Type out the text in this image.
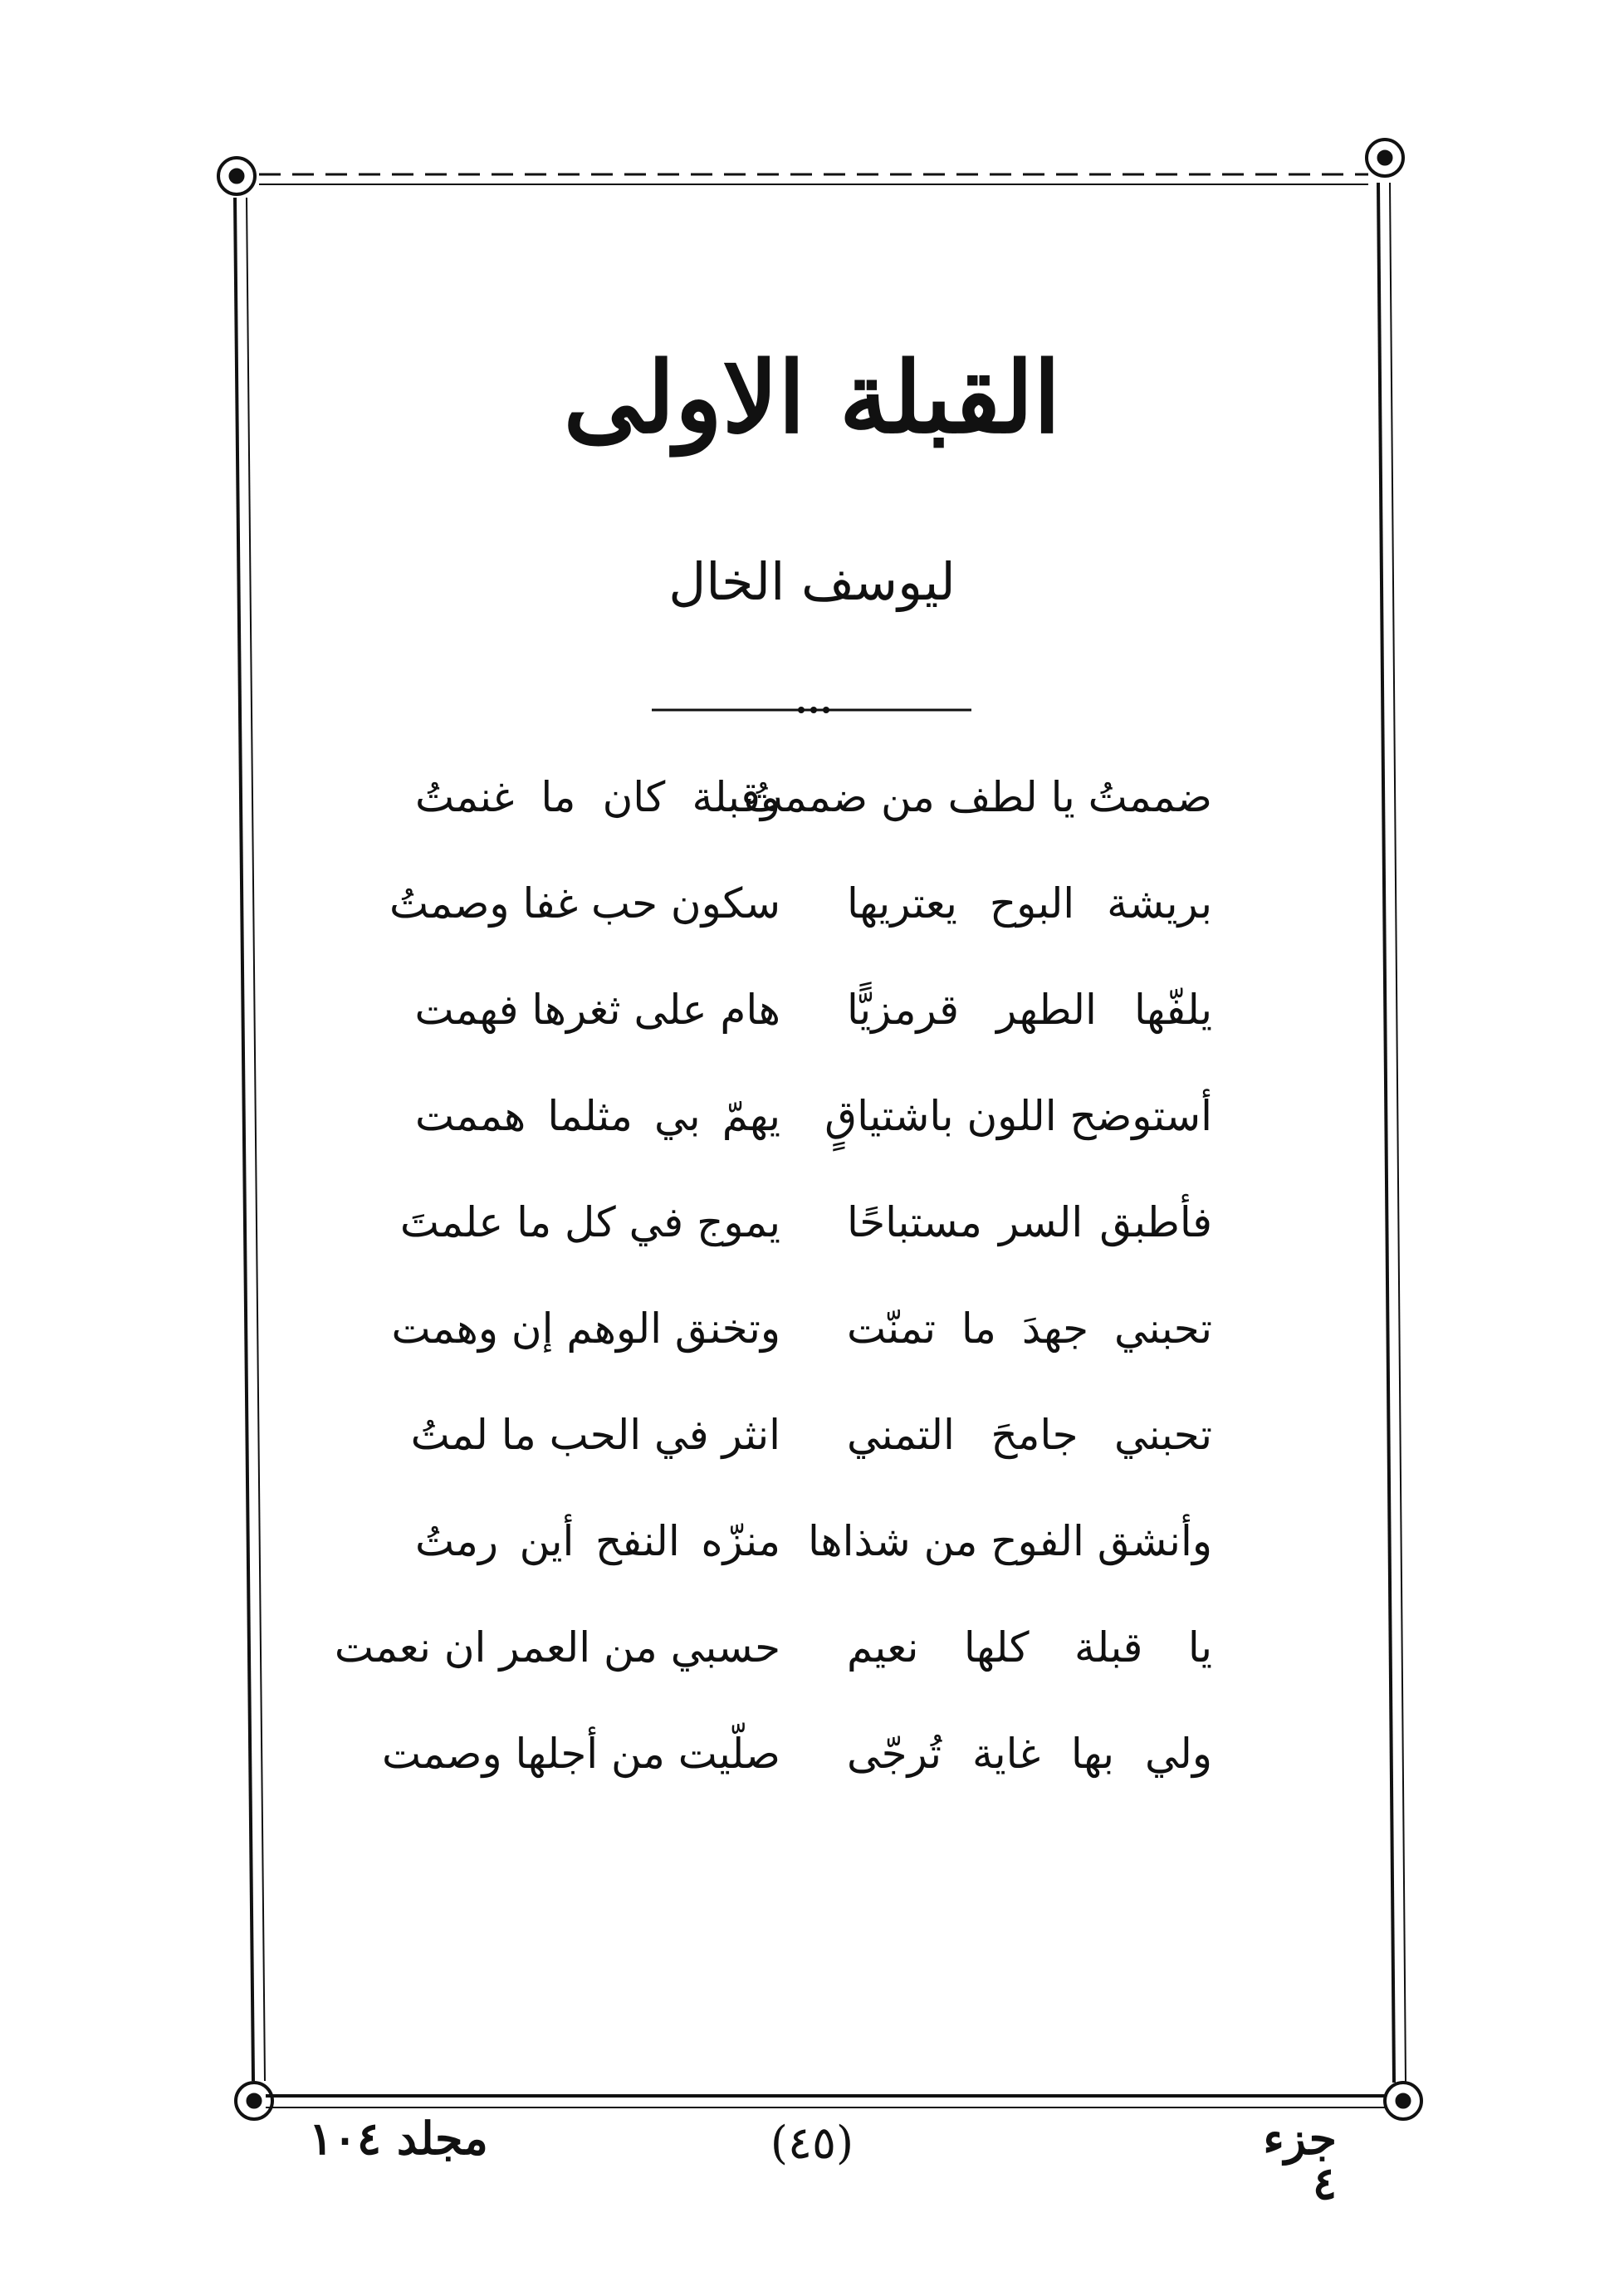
القبلة الاولى
ليوسف الخال
ضممتُ يا لطف من ضممتُ
وقبلة كان ما غنمتُ
بريشة البوح يعتريها
سكون حب غفا وصمتُ
يلفّها الطهر قرمزيًّا
هام على ثغرها فهمت
أستوضح اللون باشتياقٍ
يهمّ بي مثلما هممت
فأطبق السر مستباحًا
يموج في كل ما علمتَ
تحبني جهدَ ما تمنّت
وتخنق الوهم إن وهمت
تحبني جامحَ التمني
انثر في الحب ما لمتُ
وأنشق الفوح من شذاها
منزّه النفح أين رمتُ
يا قبلة كلها نعيم
حسبي من العمر ان نعمت
ولي بها غاية تُرجّى
صلّيت من أجلها وصمت
مجلد ١٠٤	(٤٥)	جزء ٤
